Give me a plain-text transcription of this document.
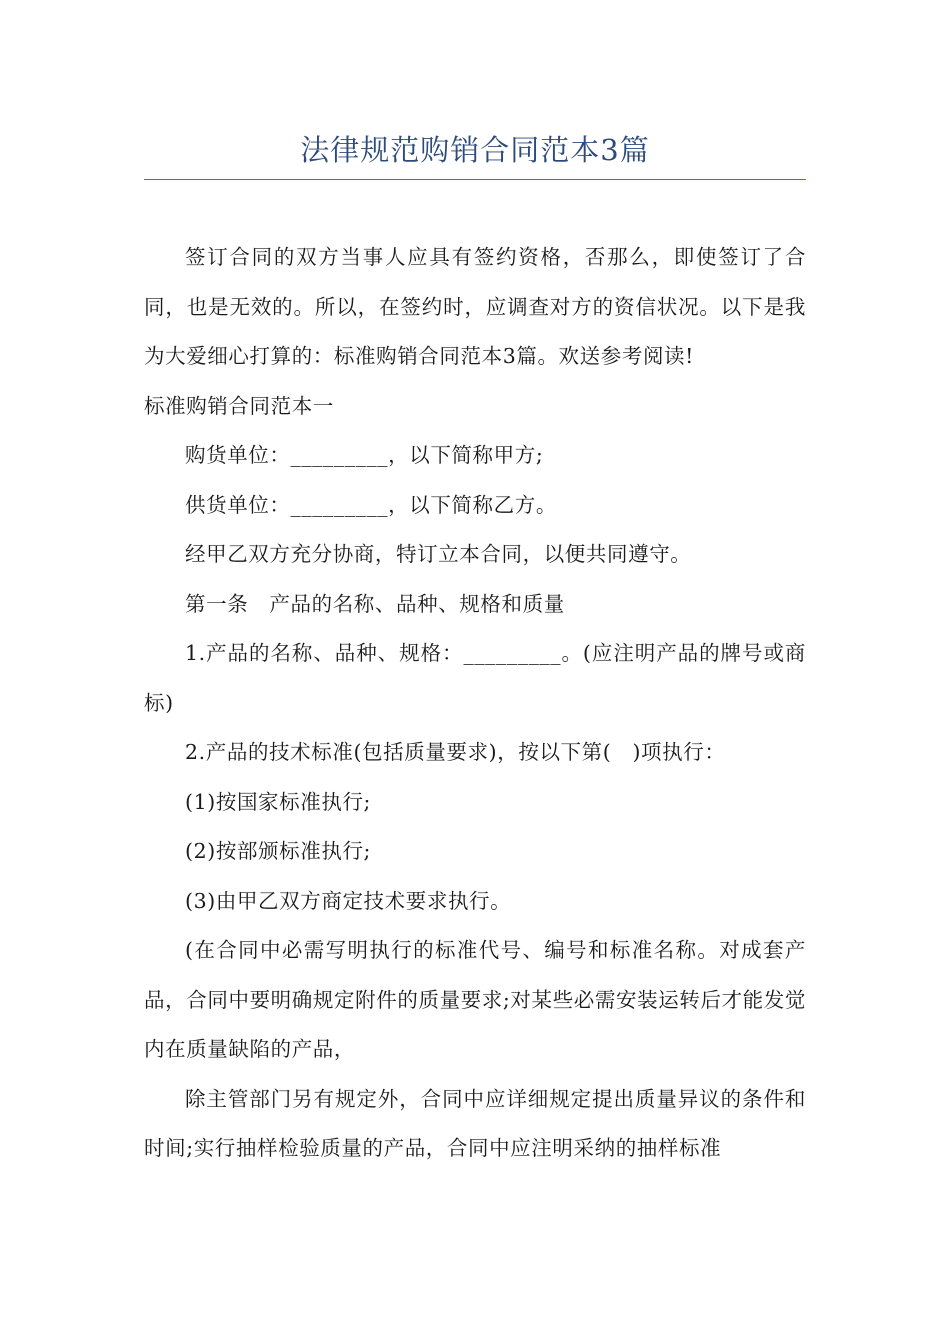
法律规范购销合同范本3篇

签订合同的双方当事人应具有签约资格，否那么，即使签订了合同，也是无效的。所以，在签约时，应调查对方的资信状况。以下是我为大爱细心打算的：标准购销合同范本3篇。欢送参考阅读!

标准购销合同范本一

购货单位：_________，以下简称甲方;

供货单位：_________，以下简称乙方。

经甲乙双方充分协商，特订立本合同，以便共同遵守。

第一条　产品的名称、品种、规格和质量

1.产品的名称、品种、规格：_________。(应注明产品的牌号或商标)

2.产品的技术标准(包括质量要求)，按以下第(　)项执行：

(1)按国家标准执行;

(2)按部颁标准执行;

(3)由甲乙双方商定技术要求执行。

(在合同中必需写明执行的标准代号、编号和标准名称。对成套产品，合同中要明确规定附件的质量要求;对某些必需安装运转后才能发觉内在质量缺陷的产品，

除主管部门另有规定外，合同中应详细规定提出质量异议的条件和时间;实行抽样检验质量的产品，合同中应注明采纳的抽样标准
